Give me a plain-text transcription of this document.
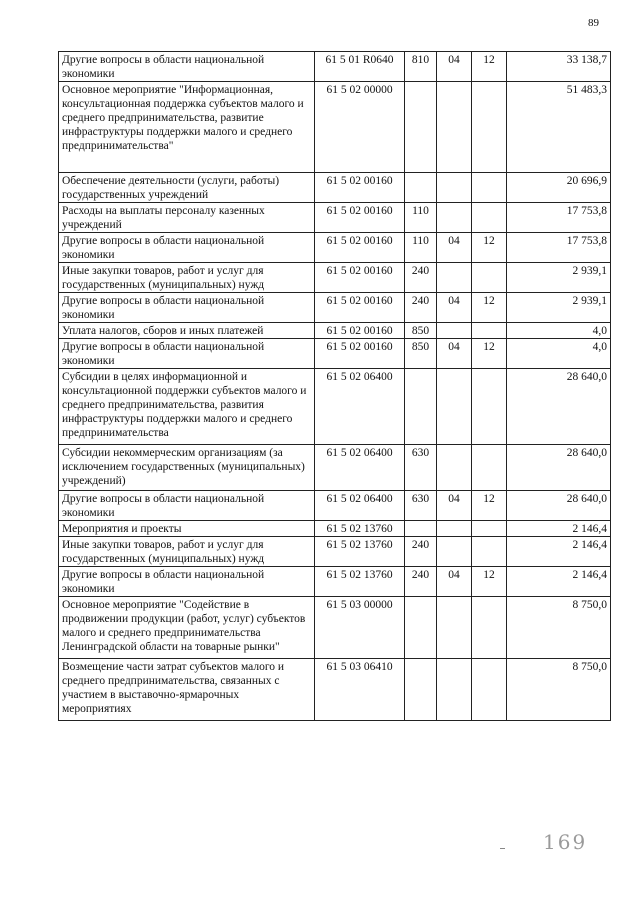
89
Другие вопросы в области национальной экономики	61 5 01 R0640	810	04	12	33 138,7
Основное мероприятие "Информационная, консультационная поддержка субъектов малого и среднего предпринимательства, развитие инфраструктуры поддержки малого и среднего предпринимательства"	61 5 02 00000				51 483,3
Обеспечение деятельности (услуги, работы) государственных учреждений	61 5 02 00160				20 696,9
Расходы на выплаты персоналу казенных учреждений	61 5 02 00160	110			17 753,8
Другие вопросы в области национальной экономики	61 5 02 00160	110	04	12	17 753,8
Иные закупки товаров, работ и услуг для государственных (муниципальных) нужд	61 5 02 00160	240			2 939,1
Другие вопросы в области национальной экономики	61 5 02 00160	240	04	12	2 939,1
Уплата налогов, сборов и иных платежей	61 5 02 00160	850			4,0
Другие вопросы в области национальной экономики	61 5 02 00160	850	04	12	4,0
Субсидии в целях информационной и консультационной поддержки субъектов малого и среднего предпринимательства, развития инфраструктуры поддержки малого и среднего предпринимательства	61 5 02 06400				28 640,0
Субсидии некоммерческим организациям (за исключением государственных (муниципальных) учреждений)	61 5 02 06400	630			28 640,0
Другие вопросы в области национальной экономики	61 5 02 06400	630	04	12	28 640,0
Мероприятия и проекты	61 5 02 13760				2 146,4
Иные закупки товаров, работ и услуг для государственных (муниципальных) нужд	61 5 02 13760	240			2 146,4
Другие вопросы в области национальной экономики	61 5 02 13760	240	04	12	2 146,4
Основное мероприятие "Содействие в продвижении продукции (работ, услуг) субъектов малого и среднего предпринимательства Ленинградской области на товарные рынки"	61 5 03 00000				8 750,0
Возмещение части затрат субъектов малого и среднего предпринимательства, связанных с участием в выставочно-ярмарочных мероприятиях	61 5 03 06410				8 750,0
169
